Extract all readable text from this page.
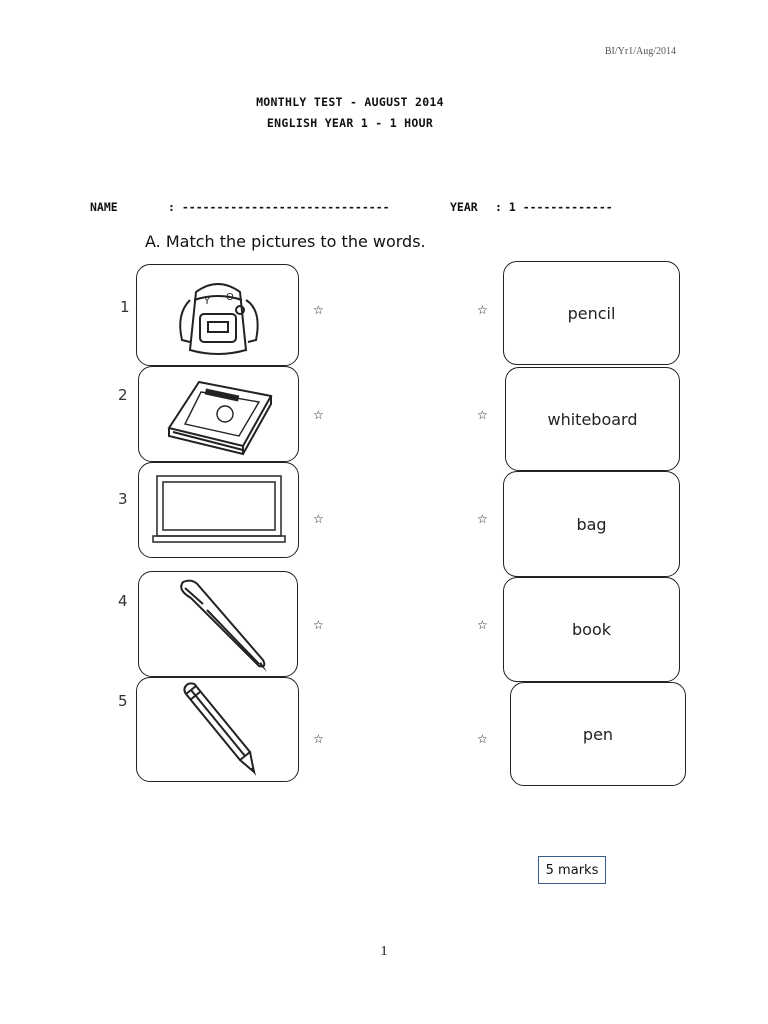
BI/Yr1/Aug/2014
MONTHLY TEST - AUGUST 2014
ENGLISH YEAR 1 - 1 HOUR
NAME	: ------------------------------	YEAR : 1 -------------
A. Match the pictures to the words.
1
2
3
4
5
Y O
☆
☆
☆
☆
☆
☆
☆
☆
☆
☆
pencil
whiteboard
bag
book
pen
5 marks
1
